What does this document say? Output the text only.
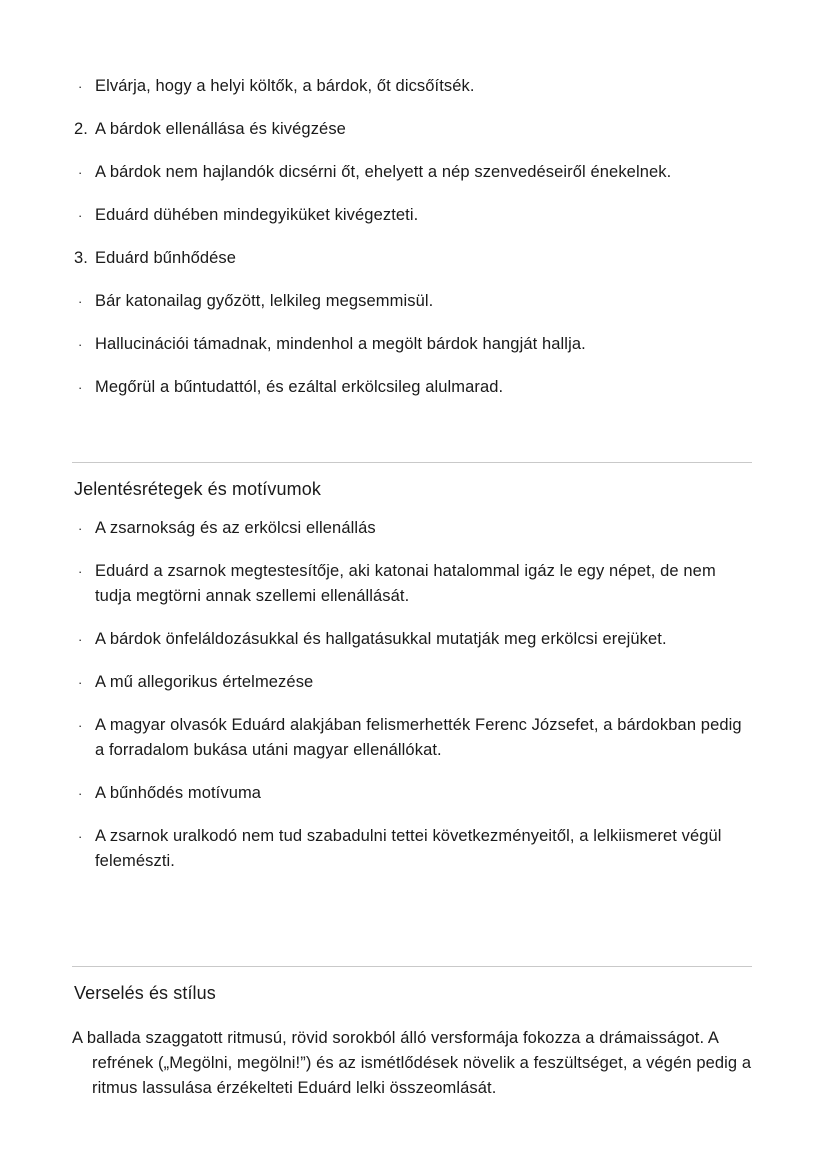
· Elvárja, hogy a helyi költők, a bárdok, őt dicsőítsék.
2. A bárdok ellenállása és kivégzése
· A bárdok nem hajlandók dicsérni őt, ehelyett a nép szenvedéseiről énekelnek.
· Eduárd dühében mindegyiküket kivégezteti.
3. Eduárd bűnhődése
· Bár katonailag győzött, lelkileg megsemmisül.
· Hallucinációi támadnak, mindenhol a megölt bárdok hangját hallja.
· Megőrül a bűntudattól, és ezáltal erkölcsileg alulmarad.
Jelentésrétegek és motívumok
· A zsarnokság és az erkölcsi ellenállás
· Eduárd a zsarnok megtestesítője, aki katonai hatalommal igáz le egy népet, de nem tudja megtörni annak szellemi ellenállását.
· A bárdok önfeláldozásukkal és hallgatásukkal mutatják meg erkölcsi erejüket.
· A mű allegorikus értelmezése
· A magyar olvasók Eduárd alakjában felismerhették Ferenc Józsefet, a bárdokban pedig a forradalom bukása utáni magyar ellenállókat.
· A bűnhődés motívuma
· A zsarnok uralkodó nem tud szabadulni tettei következményeitől, a lelkiismeret végül felemészti.
Verselés és stílus

A ballada szaggatott ritmusú, rövid sorokból álló versformája fokozza a drámaisságot. A refrének („Megölni, megölni!”) és az ismétlődések növelik a feszültséget, a végén pedig a ritmus lassulása érzékelteti Eduárd lelki összeomlását.
